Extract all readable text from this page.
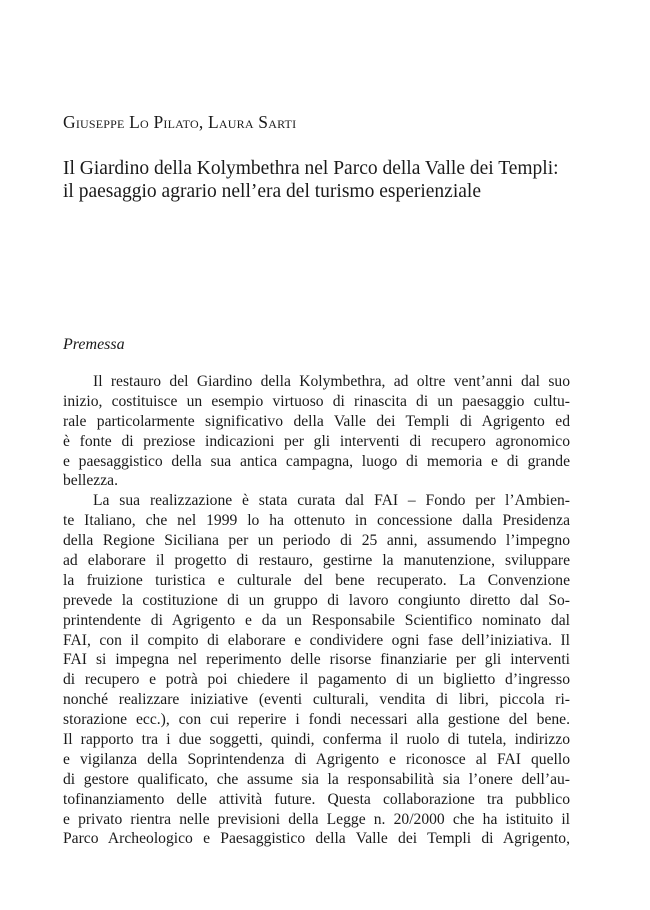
Giuseppe Lo Pilato, Laura Sarti
Il Giardino della Kolymbethra nel Parco della Valle dei Templi:
il paesaggio agrario nell’era del turismo esperienziale
Premessa
Il restauro del Giardino della Kolymbethra, ad oltre vent’anni dal suo
inizio, costituisce un esempio virtuoso di rinascita di un paesaggio cultu-
rale particolarmente significativo della Valle dei Templi di Agrigento ed
è fonte di preziose indicazioni per gli interventi di recupero agronomico
e paesaggistico della sua antica campagna, luogo di memoria e di grande
bellezza.
La sua realizzazione è stata curata dal FAI – Fondo per l’Ambien-
te Italiano, che nel 1999 lo ha ottenuto in concessione dalla Presidenza
della Regione Siciliana per un periodo di 25 anni, assumendo l’impegno
ad elaborare il progetto di restauro, gestirne la manutenzione, sviluppare
la fruizione turistica e culturale del bene recuperato. La Convenzione
prevede la costituzione di un gruppo di lavoro congiunto diretto dal So-
printendente di Agrigento e da un Responsabile Scientifico nominato dal
FAI, con il compito di elaborare e condividere ogni fase dell’iniziativa. Il
FAI si impegna nel reperimento delle risorse finanziarie per gli interventi
di recupero e potrà poi chiedere il pagamento di un biglietto d’ingresso
nonché realizzare iniziative (eventi culturali, vendita di libri, piccola ri-
storazione ecc.), con cui reperire i fondi necessari alla gestione del bene.
Il rapporto tra i due soggetti, quindi, conferma il ruolo di tutela, indirizzo
e vigilanza della Soprintendenza di Agrigento e riconosce al FAI quello
di gestore qualificato, che assume sia la responsabilità sia l’onere dell’au-
tofinanziamento delle attività future. Questa collaborazione tra pubblico
e privato rientra nelle previsioni della Legge n. 20/2000 che ha istituito il
Parco Archeologico e Paesaggistico della Valle dei Templi di Agrigento,
